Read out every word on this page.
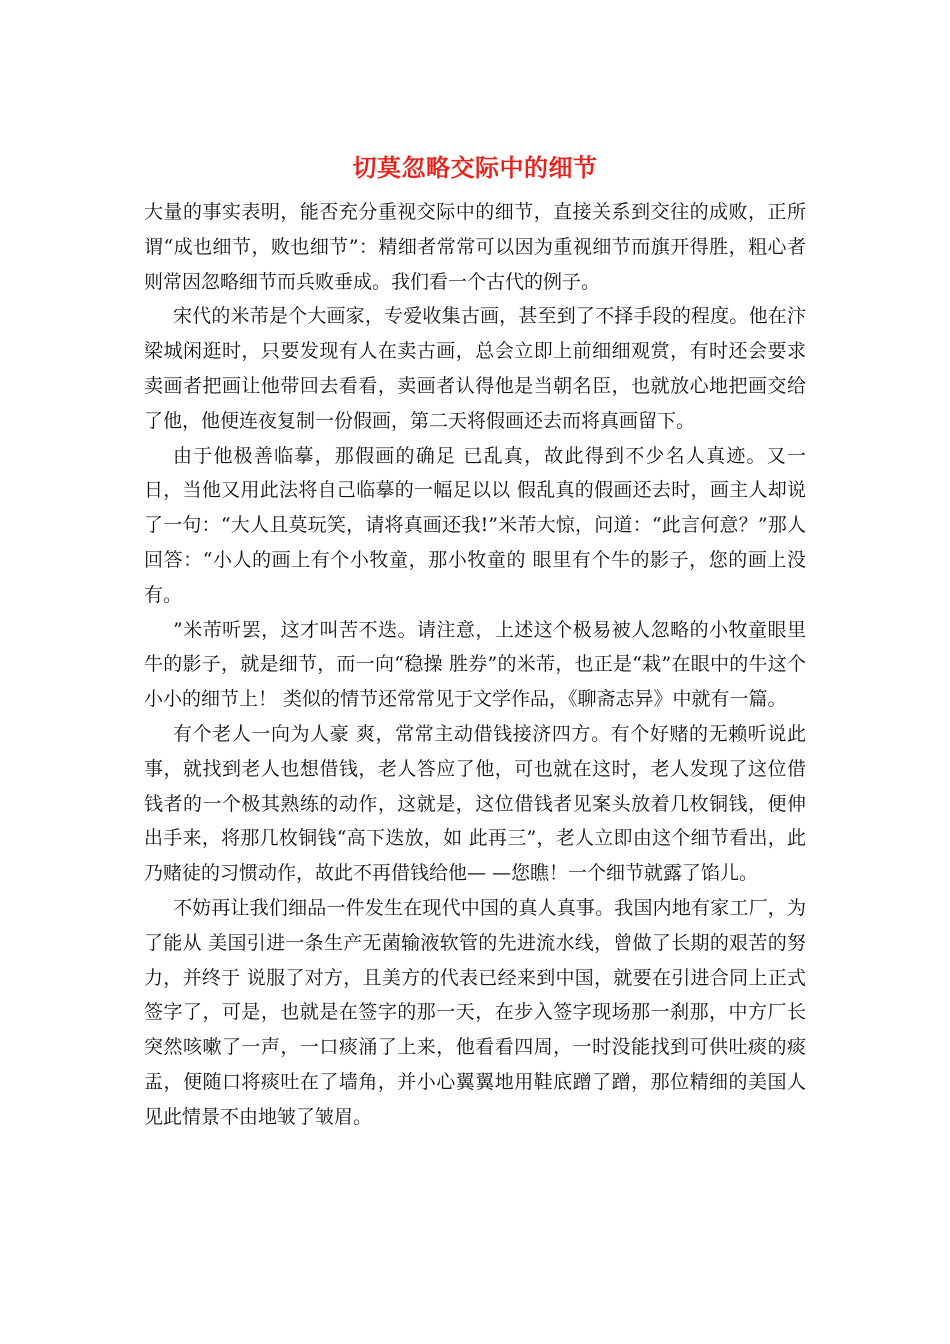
切莫忽略交际中的细节

大量的事实表明，能否充分重视交际中的细节，直接关系到交往的成败，正所谓“成也细节，败也细节”：精细者常常可以因为重视细节而旗开得胜，粗心者则常因忽略细节而兵败垂成。我们看一个古代的例子。

宋代的米芾是个大画家，专爱收集古画，甚至到了不择手段的程度。他在汴梁城闲逛时，只要发现有人在卖古画，总会立即上前细细观赏，有时还会要求卖画者把画让他带回去看看，卖画者认得他是当朝名臣，也就放心地把画交给了他，他便连夜复制一份假画，第二天将假画还去而将真画留下。

由于他极善临摹，那假画的确足 已乱真，故此得到不少名人真迹。又一日，当他又用此法将自己临摹的一幅足以以 假乱真的假画还去时，画主人却说了一句：“大人且莫玩笑，请将真画还我!”米芾大惊，问道：“此言何意？”那人回答：“小人的画上有个小牧童，那小牧童的 眼里有个牛的影子，您的画上没有。

”米芾听罢，这才叫苦不迭。请注意，上述这个极易被人忽略的小牧童眼里牛的影子，就是细节，而一向“稳操 胜券”的米芾，也正是“栽”在眼中的牛这个小小的细节上！ 类似的情节还常常见于文学作品，《聊斋志异》中就有一篇。

有个老人一向为人豪 爽，常常主动借钱接济四方。有个好赌的无赖听说此事，就找到老人也想借钱，老人答应了他，可也就在这时，老人发现了这位借钱者的一个极其熟练的动作，这就是，这位借钱者见案头放着几枚铜钱，便伸出手来，将那几枚铜钱“高下迭放，如 此再三”，老人立即由这个细节看出，此乃赌徒的习惯动作，故此不再借钱给他— —您瞧！一个细节就露了馅儿。

不妨再让我们细品一件发生在现代中国的真人真事。我国内地有家工厂，为了能从 美国引进一条生产无菌输液软管的先进流水线，曾做了长期的艰苦的努力，并终于 说服了对方，且美方的代表已经来到中国，就要在引进合同上正式签字了，可是，也就是在签字的那一天，在步入签字现场那一刹那，中方厂长突然咳嗽了一声，一口痰涌了上来，他看看四周，一时没能找到可供吐痰的痰盂，便随口将痰吐在了墙角，并小心翼翼地用鞋底蹭了蹭，那位精细的美国人见此情景不由地皱了皱眉。
